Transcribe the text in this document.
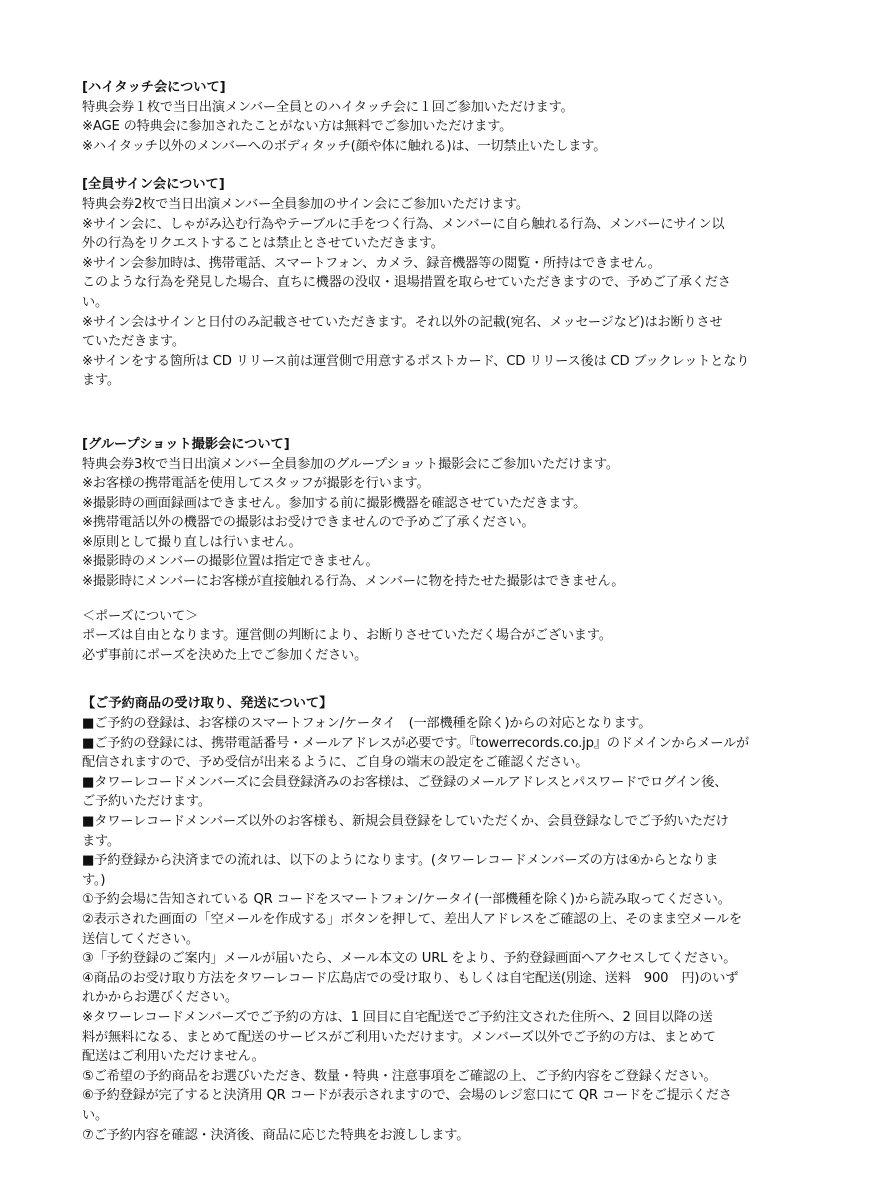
[ハイタッチ会について]
特典会券１枚で当日出演メンバー全員とのハイタッチ会に１回ご参加いただけます。
※AGE の特典会に参加されたことがない方は無料でご参加いただけます。
※ハイタッチ以外のメンバーへのボディタッチ(顔や体に触れる)は、一切禁止いたします。
[全員サイン会について]
特典会券2枚で当日出演メンバー全員参加のサイン会にご参加いただけます。
※サイン会に、しゃがみ込む行為やテーブルに手をつく行為、メンバーに自ら触れる行為、メンバーにサイン以
外の行為をリクエストすることは禁止とさせていただきます。
※サイン会参加時は、携帯電話、スマートフォン、カメラ、録音機器等の閲覧・所持はできません。
このような行為を発見した場合、直ちに機器の没収・退場措置を取らせていただきますので、予めご了承くださ
い。
※サイン会はサインと日付のみ記載させていただきます。それ以外の記載(宛名、メッセージなど)はお断りさせ
ていただきます。
※サインをする箇所は CD リリース前は運営側で用意するポストカード、CD リリース後は CD ブックレットとなり
ます。
[グループショット撮影会について]
特典会券3枚で当日出演メンバー全員参加のグループショット撮影会にご参加いただけます。
※お客様の携帯電話を使用してスタッフが撮影を行います。
※撮影時の画面録画はできません。参加する前に撮影機器を確認させていただきます。
※携帯電話以外の機器での撮影はお受けできませんので予めご了承ください。
※原則として撮り直しは行いません。
※撮影時のメンバーの撮影位置は指定できません。
※撮影時にメンバーにお客様が直接触れる行為、メンバーに物を持たせた撮影はできません。
＜ポーズについて＞
ポーズは自由となります。運営側の判断により、お断りさせていただく場合がございます。
必ず事前にポーズを決めた上でご参加ください。
【ご予約商品の受け取り、発送について】
■ご予約の登録は、お客様のスマートフォン/ケータイ　(一部機種を除く)からの対応となります。
■ご予約の登録には、携帯電話番号・メールアドレスが必要です。『towerrecords.co.jp』のドメインからメールが
配信されますので、予め受信が出来るように、ご自身の端末の設定をご確認ください。
■タワーレコードメンバーズに会員登録済みのお客様は、ご登録のメールアドレスとパスワードでログイン後、
ご予約いただけます。
■タワーレコードメンバーズ以外のお客様も、新規会員登録をしていただくか、会員登録なしでご予約いただけ
ます。
■予約登録から決済までの流れは、以下のようになります。(タワーレコードメンバーズの方は④からとなりま
す。)
①予約会場に告知されている QR コードをスマートフォン/ケータイ(一部機種を除く)から読み取ってください。
②表示された画面の「空メールを作成する」ボタンを押して、差出人アドレスをご確認の上、そのまま空メールを
送信してください。
③「予約登録のご案内」メールが届いたら、メール本文の URL をより、予約登録画面へアクセスしてください。
④商品のお受け取り方法をタワーレコード広島店での受け取り、もしくは自宅配送(別途、送料　900　円)のいず
れかからお選びください。
※タワーレコードメンバーズでご予約の方は、1 回目に自宅配送でご予約注文された住所へ、2 回目以降の送
料が無料になる、まとめて配送のサービスがご利用いただけます。メンバーズ以外でご予約の方は、まとめて
配送はご利用いただけません。
⑤ご希望の予約商品をお選びいただき、数量・特典・注意事項をご確認の上、ご予約内容をご登録ください。
⑥予約登録が完了すると決済用 QR コードが表示されますので、会場のレジ窓口にて QR コードをご提示くださ
い。
⑦ご予約内容を確認・決済後、商品に応じた特典をお渡しします。
